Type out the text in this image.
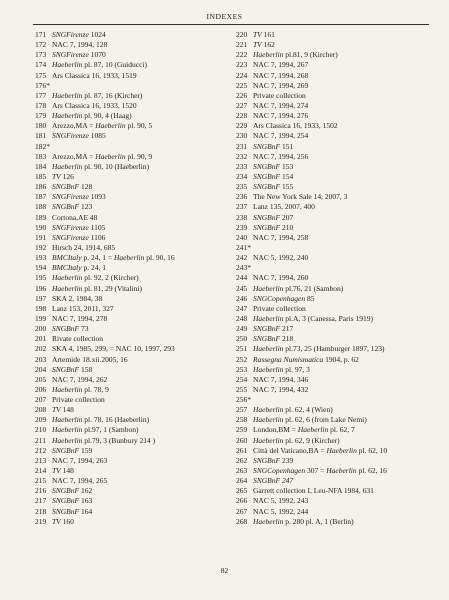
INDEXES
171 SNGFirenze 1024
172 NAC 7, 1994, 128
173 SNGFirenze 1070
174 Haeberlin pl. 87, 10 (Guiducci)
175 Ars Classica 16, 1933, 1519
176*
177 Haeberlin pl. 87, 16 (Kircher)
178 Ars Classica 16, 1933, 1520
179 Haeberlin pl. 90, 4 (Haag)
180 Arezzo,MA = Haeberlin pl. 90, 5
181 SNGFirenze 1085
182*
183 Arezzo,MA = Haeberlin pl. 90, 9
184 Haeberlin pl. 90, 10 (Haeberlin)
185 TV 126
186 SNGBnF 128
187 SNGFirenze 1093
188 SNGBnF 123
189 Cortona,AE 48
190 SNGFirenze 1105
191 SNGFirenze 1106
192 Hirsch 24, 1914, 685
193 BMCItaly p. 24, 1 = Haeberlin pl. 90, 16
194 BMCItaly p. 24, 1
195 Haeberlin pl. 92, 2 (Kircher)
196 Haeberlin pl. 81, 29 (Vitalini)
197 SKA 2, 1984, 38
198 Lanz 153, 2011, 327
199 NAC 7, 1994, 278
200 SNGBnF 73
201 Rivate collection
202 SKA 4, 1985, 299, = NAC 10, 1997, 293
203 Artemide 18.xii.2005, 16
204 SNGBnF 158
205 NAC 7, 1994, 262
206 Haeberlin pl. 78, 9
207 Private collection
208 TV 148
209 Haeberlin pl. 78, 16 (Haeberlin)
210 Haeberlin pl.97, 1 (Sambon)
211 Haeberlin pl.79, 3 (Bunbury 214 )
212 SNGBnF 159
213 NAC 7, 1994, 263
214 TV 148
215 NAC 7, 1994, 265
216 SNGBnF 162
217 SNGBnF 163
218 SNGBnF 164
219 TV 160
220 TV 161
221 TV 162
222 Haeberlin pl.81, 9 (Kircher)
223 NAC 7, 1994, 267
224 NAC 7, 1994, 268
225 NAC 7, 1994, 269
226 Private collection
227 NAC 7, 1994, 274
228 NAC 7, 1994, 276
229 Ars Classica 16, 1933, 1502
230 NAC 7, 1994, 254
231 SNGBnF 151
232 NAC 7, 1994, 256
233 SNGBnF 153
234 SNGBnF 154
235 SNGBnF 155
236 The New York Sale 14, 2007, 3
237 Lanz 135, 2007, 400
238 SNGBnF 207
239 SNGBnF 210
240 NAC 7, 1994, 258
241*
242 NAC 5, 1992, 240
243*
244 NAC 7, 1994, 260
245 Haeberlin pl.76, 21 (Sambon)
246 SNGCopenhagen 85
247 Private collection
248 Haeberlin pl.A, 3 (Canessa, Paris 1919)
249 SNGBnF 217
250 SNGBnF 218
251 Haeberlin pl.73, 25 (Hamburger 1897, 123)
252 Rassegna Numismatica 1904, p. 62
253 Haeberlin pl. 97, 3
254 NAC 7, 1994, 346
255 NAC 7, 1994, 432
256*
257 Haeberlin pl. 62, 4 (Wien)
258 Haeberlin pl. 62, 6 (from Lake Nemi)
259 London,BM = Haeberlin pl. 62, 7
260 Haeberlin pl. 62, 9 (Kircher)
261 Città del Vaticano,BA = Haeberlin pl. 62, 10
262 SNGBnF 239
263 SNGCopenhagen 307 = Haeberlin pl. 62, 16
264 SNGBnF 247
265 Garrett collection I, Leu-NFA 1984, 631
266 NAC 5, 1992, 243
267 NAC 5, 1992, 244
268 Haeberlin p. 280 pl. A, 1 (Berlin)
82
